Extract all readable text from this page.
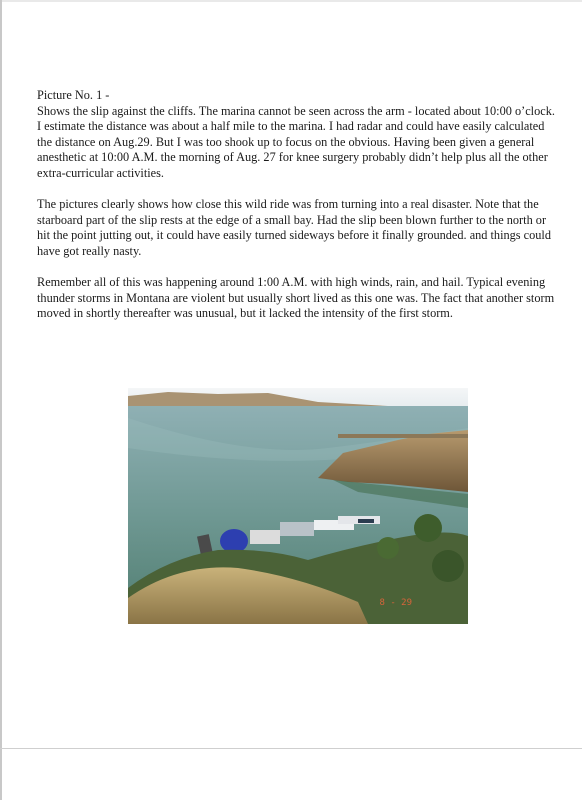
Picture No. 1 -

Shows the slip against the cliffs. The marina cannot be seen across the arm - located about 10:00 o’clock. I estimate the distance was about a half mile to the marina. I had radar and could have easily calculated the distance on Aug.29. But I was too shook up to focus on the obvious. Having been given a general anesthetic at 10:00 A.M. the morning of Aug. 27 for knee surgery probably didn’t help plus all the other extra-curricular activities.

The pictures clearly shows how close this wild ride was from turning into a real disaster. Note that the starboard part of the slip rests at the edge of a small bay. Had the slip been blown further to the north or hit the point jutting out, it could have easily turned sideways before it finally grounded. and things could have got really nasty.

Remember all of this was happening around 1:00 A.M. with high winds, rain, and hail. Typical evening thunder storms in Montana are violent but usually short lived as this one was. The fact that another storm moved in shortly thereafter was unusual, but it lacked the intensity of the first storm.

8 - 29
